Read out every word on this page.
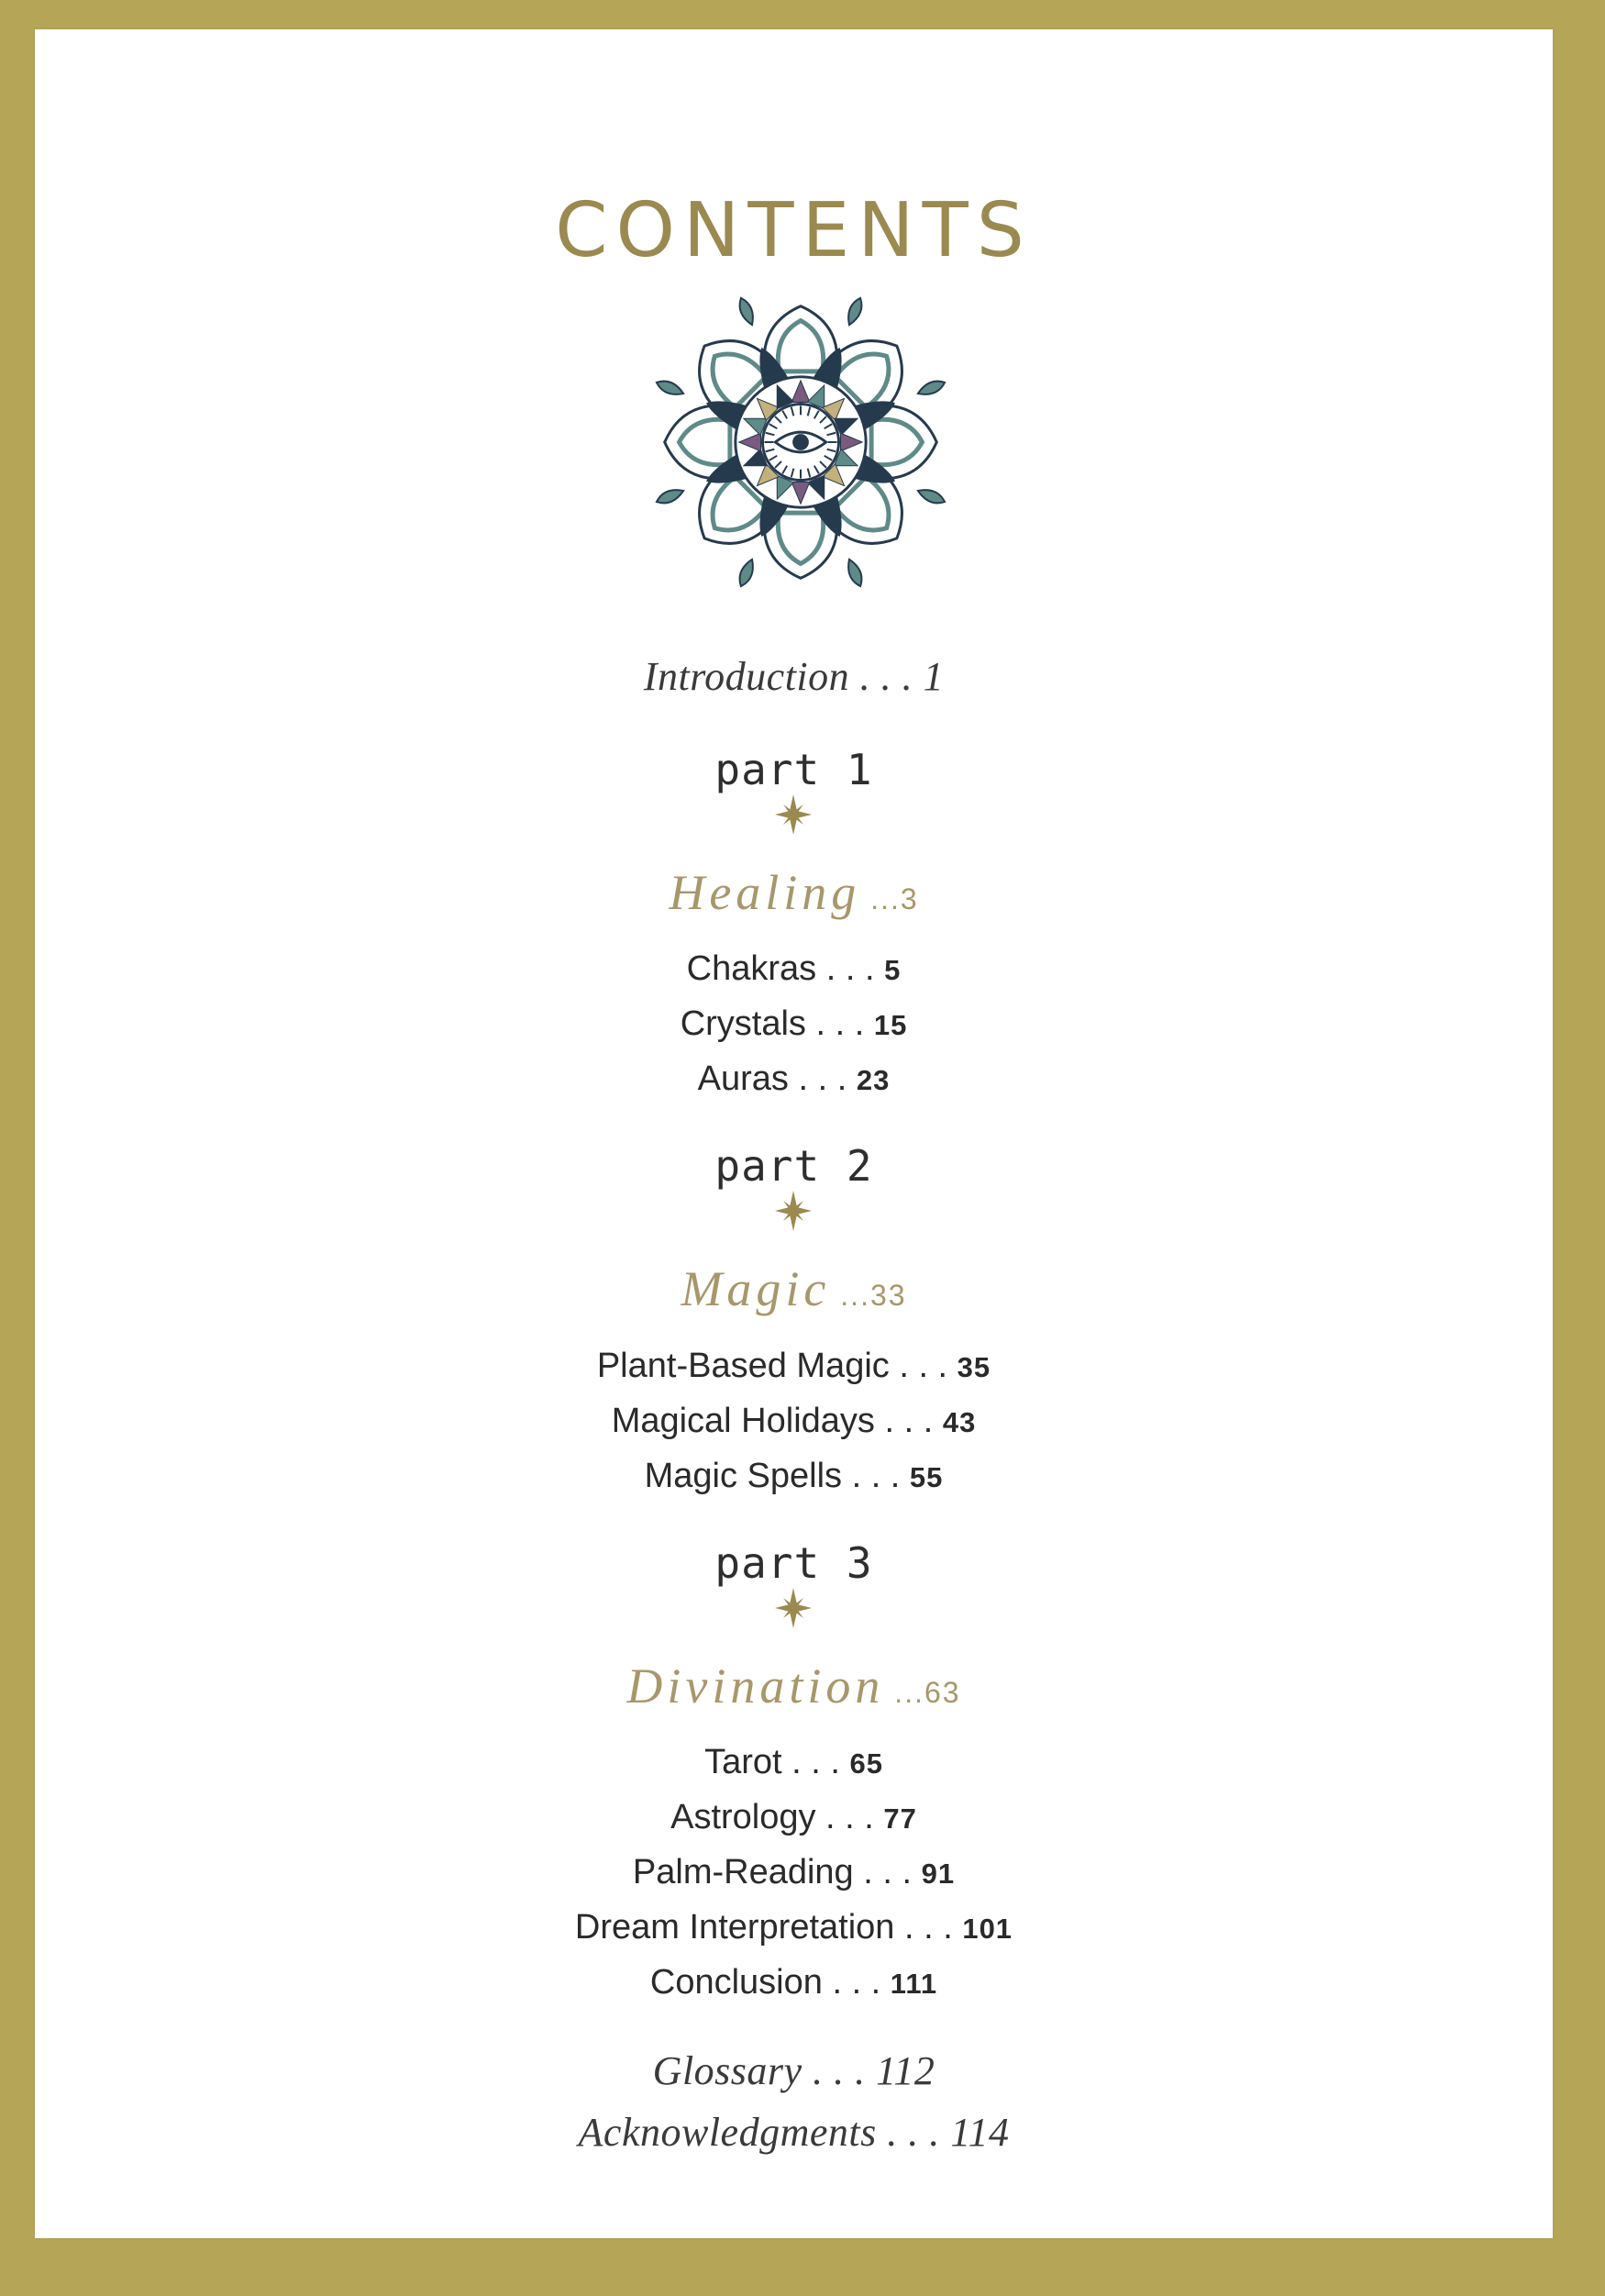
CONTENTS
Introduction . . . 1
part 1
Healing ...3
Chakras . . . 5
Crystals . . . 15
Auras . . . 23
part 2
Magic ...33
Plant-Based Magic . . . 35
Magical Holidays . . . 43
Magic Spells . . . 55
part 3
Divination ...63
Tarot . . . 65
Astrology . . . 77
Palm-Reading . . . 91
Dream Interpretation . . . 101
Conclusion . . . 111
Glossary . . . 112
Acknowledgments . . . 114
